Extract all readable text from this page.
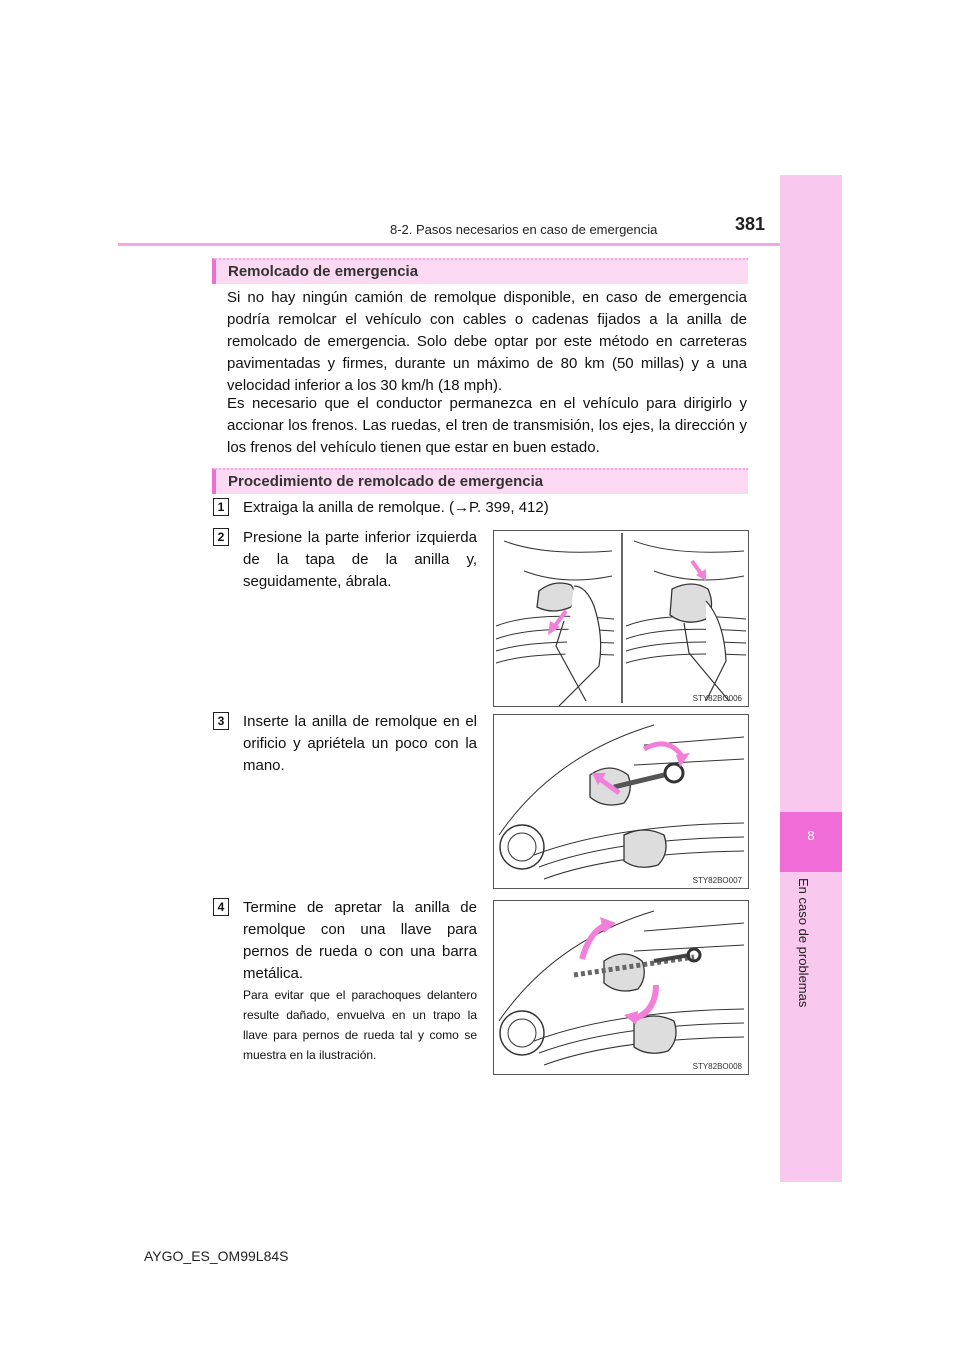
8
En caso de problemas
8-2. Pasos necesarios en caso de emergencia	381
Remolcado de emergencia

Si no hay ningún camión de remolque disponible, en caso de emergencia podría remolcar el vehículo con cables o cadenas fijados a la anilla de remolcado de emergencia. Solo debe optar por este método en carreteras pavimentadas y firmes, durante un máximo de 80 km (50 millas) y a una velocidad inferior a los 30 km/h (18 mph).

Es necesario que el conductor permanezca en el vehículo para dirigirlo y accionar los frenos. Las ruedas, el tren de transmisión, los ejes, la dirección y los frenos del vehículo tienen que estar en buen estado.

Procedimiento de remolcado de emergencia
1	Extraiga la anilla de remolque. (→P. 399, 412)

2	Presione la parte inferior izquierda de la tapa de la anilla y, seguidamente, ábrala.

STY82BO006
3	Inserte la anilla de remolque en el orificio y apriétela un poco con la mano.

STY82BO007
4	Termine de apretar la anilla de remolque con una llave para pernos de rueda o con una barra metálica.

Para evitar que el parachoques delantero resulte dañado, envuelva en un trapo la llave para pernos de rueda tal y como se muestra en la ilustración.

STY82BO008
AYGO_ES_OM99L84S
